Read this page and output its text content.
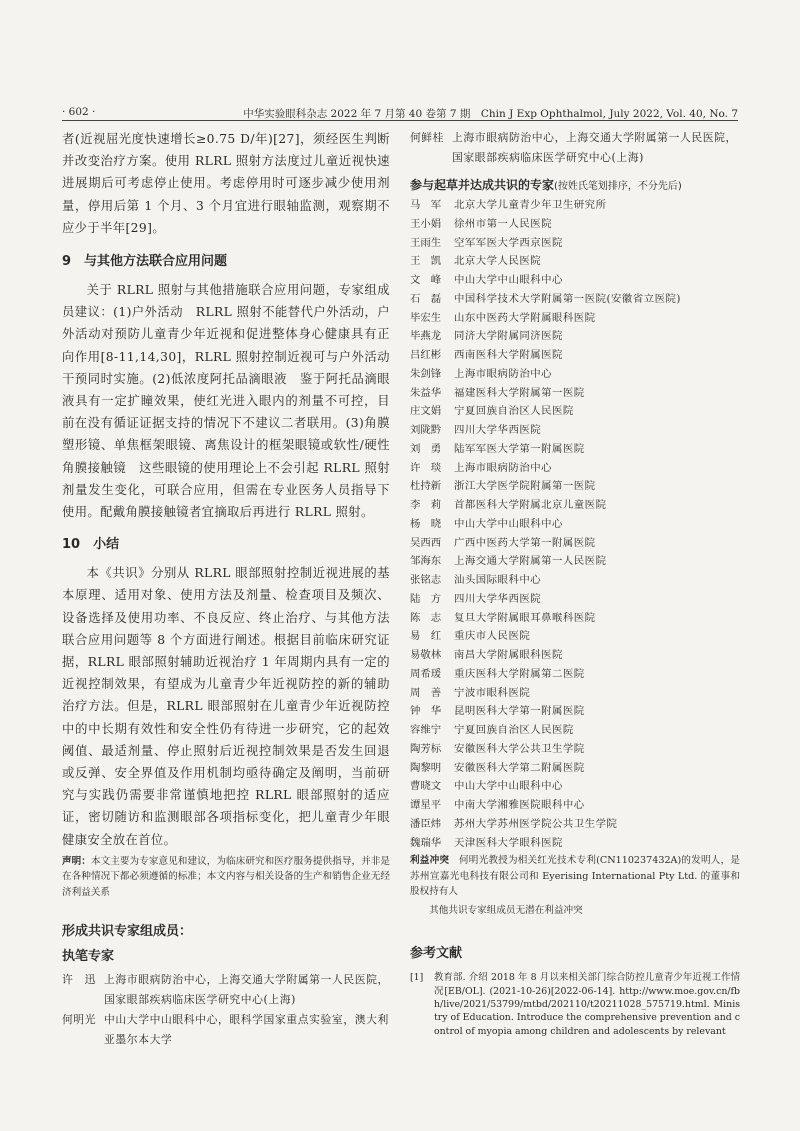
· 602 ·	中华实验眼科杂志 2022 年 7 月第 40 卷第 7 期　Chin J Exp Ophthalmol, July 2022, Vol. 40, No. 7

者(近视屈光度快速增长≥0.75 D/年)[27]，须经医生判断并改变治疗方案。使用 RLRL 照射方法度过儿童近视快速进展期后可考虑停止使用。考虑停用时可逐步减少使用剂量，停用后第 1 个月、3 个月宜进行眼轴监测，观察期不应少于半年[29]。

9　与其他方法联合应用问题

关于 RLRL 照射与其他措施联合应用问题，专家组成员建议：(1)户外活动　RLRL 照射不能替代户外活动，户外活动对预防儿童青少年近视和促进整体身心健康具有正向作用[8-11,14,30]，RLRL 照射控制近视可与户外活动干预同时实施。(2)低浓度阿托品滴眼液　鉴于阿托品滴眼液具有一定扩瞳效果，使红光进入眼内的剂量不可控，目前在没有循证证据支持的情况下不建议二者联用。(3)角膜塑形镜、单焦框架眼镜、离焦设计的框架眼镜或软性/硬性角膜接触镜　这些眼镜的使用理论上不会引起 RLRL 照射剂量发生变化，可联合应用，但需在专业医务人员指导下使用。配戴角膜接触镜者宜摘取后再进行 RLRL 照射。

10　小结

本《共识》分别从 RLRL 眼部照射控制近视进展的基本原理、适用对象、使用方法及剂量、检查项目及频次、设备选择及使用功率、不良反应、终止治疗、与其他方法联合应用问题等 8 个方面进行阐述。根据目前临床研究证据，RLRL 眼部照射辅助近视治疗 1 年周期内具有一定的近视控制效果，有望成为儿童青少年近视防控的新的辅助治疗方法。但是，RLRL 眼部照射在儿童青少年近视防控中的中长期有效性和安全性仍有待进一步研究，它的起效阈值、最适剂量、停止照射后近视控制效果是否发生回退或反弹、安全界值及作用机制均亟待确定及阐明，当前研究与实践仍需要非常谨慎地把控 RLRL 眼部照射的适应证，密切随访和监测眼部各项指标变化，把儿童青少年眼健康安全放在首位。

声明：本文主要为专家意见和建议，为临床研究和医疗服务提供指导，并非是在各种情况下都必须遵循的标准；本文内容与相关设备的生产和销售企业无经济利益关系

形成共识专家组成员：
执笔专家
许　迅 上海市眼病防治中心，上海交通大学附属第一人民医院，国家眼部疾病临床医学研究中心(上海)
何明光 中山大学中山眼科中心，眼科学国家重点实验室，澳大利亚墨尔本大学
何鲜桂 上海市眼病防治中心，上海交通大学附属第一人民医院，国家眼部疾病临床医学研究中心(上海)
参与起草并达成共识的专家(按姓氏笔划排序，不分先后)
马　军	北京大学儿童青少年卫生研究所
王小娟	徐州市第一人民医院
王雨生	空军军医大学西京医院
王　凯	北京大学人民医院
文　峰	中山大学中山眼科中心
石　磊	中国科学技术大学附属第一医院(安徽省立医院)
毕宏生	山东中医药大学附属眼科医院
毕燕龙	同济大学附属同济医院
吕红彬	西南医科大学附属医院
朱剑锋	上海市眼病防治中心
朱益华	福建医科大学附属第一医院
庄文娟	宁夏回族自治区人民医院
刘陇黔	四川大学华西医院
刘　勇	陆军军医大学第一附属医院
许　琰	上海市眼病防治中心
杜持新	浙江大学医学院附属第一医院
李　莉	首都医科大学附属北京儿童医院
杨　晓	中山大学中山眼科中心
吴西西	广西中医药大学第一附属医院
邹海东	上海交通大学附属第一人民医院
张铭志	汕头国际眼科中心
陆　方	四川大学华西医院
陈　志	复旦大学附属眼耳鼻喉科医院
易　红	重庆市人民医院
易敬林	南昌大学附属眼科医院
周希瑗	重庆医科大学附属第二医院
周　善	宁波市眼科医院
钟　华	昆明医科大学第一附属医院
容维宁	宁夏回族自治区人民医院
陶芳标	安徽医科大学公共卫生学院
陶黎明	安徽医科大学第二附属医院
曹晓文	中山大学中山眼科中心
谭星平	中南大学湘雅医院眼科中心
潘臣炜	苏州大学苏州医学院公共卫生学院
魏瑞华	天津医科大学眼科医院

利益冲突　 何明光教授为相关红光技术专利(CN110237432A)的发明人，是苏州宣嘉光电科技有限公司和 Eyerising International Pty Ltd. 的董事和股权持有人

其他共识专家组成员无潜在利益冲突

参考文献
[1]	教育部. 介绍 2018 年 8 月以来相关部门综合防控儿童青少年近视工作情况[EB/OL]. (2021-10-26)[2022-06-14]. http://www.moe.gov.cn/fbh/live/2021/53799/mtbd/202110/t20211028_575719.html. Ministry of Education. Introduce the comprehensive prevention and control of myopia among children and adolescents by relevant
